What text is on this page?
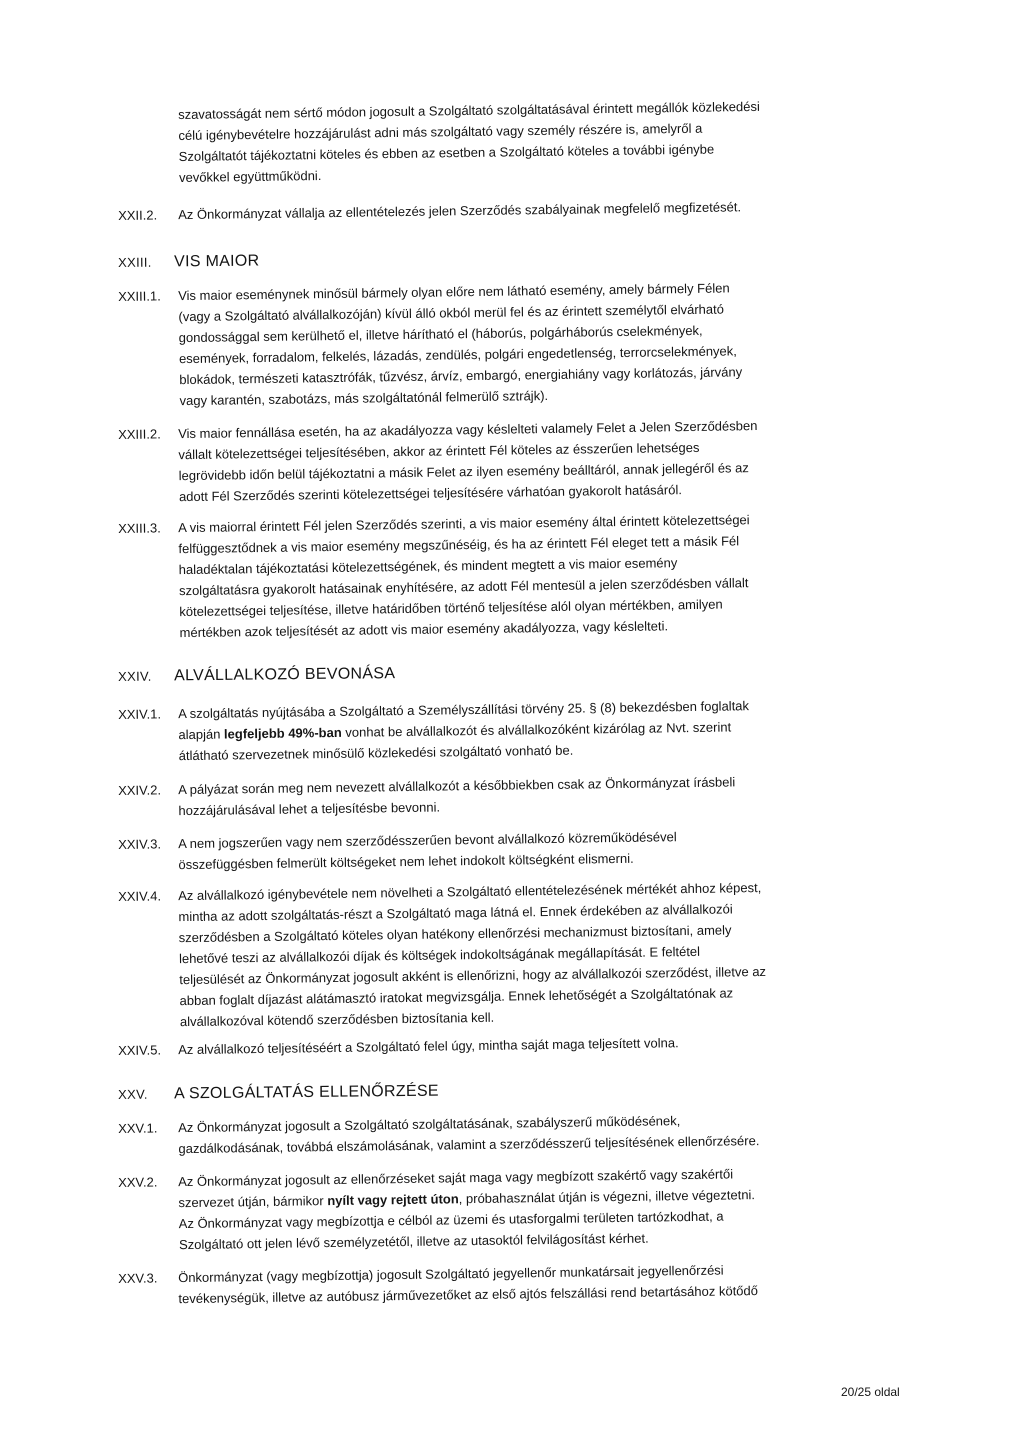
szavatosságát nem sértő módon jogosult a Szolgáltató szolgáltatásával érintett megállók közlekedési
célú igénybevételre hozzájárulást adni más szolgáltató vagy személy részére is, amelyről a
Szolgáltatót tájékoztatni köteles és ebben az esetben a Szolgáltató köteles a további igénybe
vevőkkel együttműködni.
XXII.2.	Az Önkormányzat vállalja az ellentételezés jelen Szerződés szabályainak megfelelő megfizetését.
XXIII. VIS MAIOR
XXIII.1.	Vis maior eseménynek minősül bármely olyan előre nem látható esemény, amely bármely Félen
(vagy a Szolgáltató alvállalkozóján) kívül álló okból merül fel és az érintett személytől elvárható
gondossággal sem kerülhető el, illetve hárítható el (háborús, polgárháborús cselekmények,
események, forradalom, felkelés, lázadás, zendülés, polgári engedetlenség, terrorcselekmények,
blokádok, természeti katasztrófák, tűzvész, árvíz, embargó, energiahiány vagy korlátozás, járvány
vagy karantén, szabotázs, más szolgáltatónál felmerülő sztrájk).
XXIII.2.	Vis maior fennállása esetén, ha az akadályozza vagy késlelteti valamely Felet a Jelen Szerződésben
vállalt kötelezettségei teljesítésében, akkor az érintett Fél köteles az ésszerűen lehetséges
legrövidebb időn belül tájékoztatni a másik Felet az ilyen esemény beálltáról, annak jellegéről és az
adott Fél Szerződés szerinti kötelezettségei teljesítésére várhatóan gyakorolt hatásáról.
XXIII.3.	A vis maiorral érintett Fél jelen Szerződés szerinti, a vis maior esemény által érintett kötelezettségei
felfüggesztődnek a vis maior esemény megszűnéséig, és ha az érintett Fél eleget tett a másik Fél
haladéktalan tájékoztatási kötelezettségének, és mindent megtett a vis maior esemény
szolgáltatásra gyakorolt hatásainak enyhítésére, az adott Fél mentesül a jelen szerződésben vállalt
kötelezettségei teljesítése, illetve határidőben történő teljesítése alól olyan mértékben, amilyen
mértékben azok teljesítését az adott vis maior esemény akadályozza, vagy késlelteti.
XXIV. ALVÁLLALKOZÓ BEVONÁSA
XXIV.1.	A szolgáltatás nyújtásába a Szolgáltató a Személyszállítási törvény 25. § (8) bekezdésben foglaltak
alapján legfeljebb 49%-ban vonhat be alvállalkozót és alvállalkozóként kizárólag az Nvt. szerint
átlátható szervezetnek minősülő közlekedési szolgáltató vonható be.
XXIV.2.	A pályázat során meg nem nevezett alvállalkozót a későbbiekben csak az Önkormányzat írásbeli
hozzájárulásával lehet a teljesítésbe bevonni.
XXIV.3.	A nem jogszerűen vagy nem szerződésszerűen bevont alvállalkozó közreműködésével
összefüggésben felmerült költségeket nem lehet indokolt költségként elismerni.
XXIV.4.	Az alvállalkozó igénybevétele nem növelheti a Szolgáltató ellentételezésének mértékét ahhoz képest,
mintha az adott szolgáltatás-részt a Szolgáltató maga látná el. Ennek érdekében az alvállalkozói
szerződésben a Szolgáltató köteles olyan hatékony ellenőrzési mechanizmust biztosítani, amely
lehetővé teszi az alvállalkozói díjak és költségek indokoltságának megállapítását. E feltétel
teljesülését az Önkormányzat jogosult akként is ellenőrizni, hogy az alvállalkozói szerződést, illetve az
abban foglalt díjazást alátámasztó iratokat megvizsgálja. Ennek lehetőségét a Szolgáltatónak az
alvállalkozóval kötendő szerződésben biztosítania kell.
XXIV.5.	Az alvállalkozó teljesítéséért a Szolgáltató felel úgy, mintha saját maga teljesített volna.
XXV. A SZOLGÁLTATÁS ELLENŐRZÉSE
XXV.1.	Az Önkormányzat jogosult a Szolgáltató szolgáltatásának, szabályszerű működésének,
gazdálkodásának, továbbá elszámolásának, valamint a szerződésszerű teljesítésének ellenőrzésére.
XXV.2.	Az Önkormányzat jogosult az ellenőrzéseket saját maga vagy megbízott szakértő vagy szakértői
szervezet útján, bármikor nyílt vagy rejtett úton, próbahasználat útján is végezni, illetve végeztetni.
Az Önkormányzat vagy megbízottja e célból az üzemi és utasforgalmi területen tartózkodhat, a
Szolgáltató ott jelen lévő személyzetétől, illetve az utasoktól felvilágosítást kérhet.
XXV.3.	Önkormányzat (vagy megbízottja) jogosult Szolgáltató jegyellenőr munkatársait jegyellenőrzési
tevékenységük, illetve az autóbusz járművezetőket az első ajtós felszállási rend betartásához kötődő
20/25 oldal
